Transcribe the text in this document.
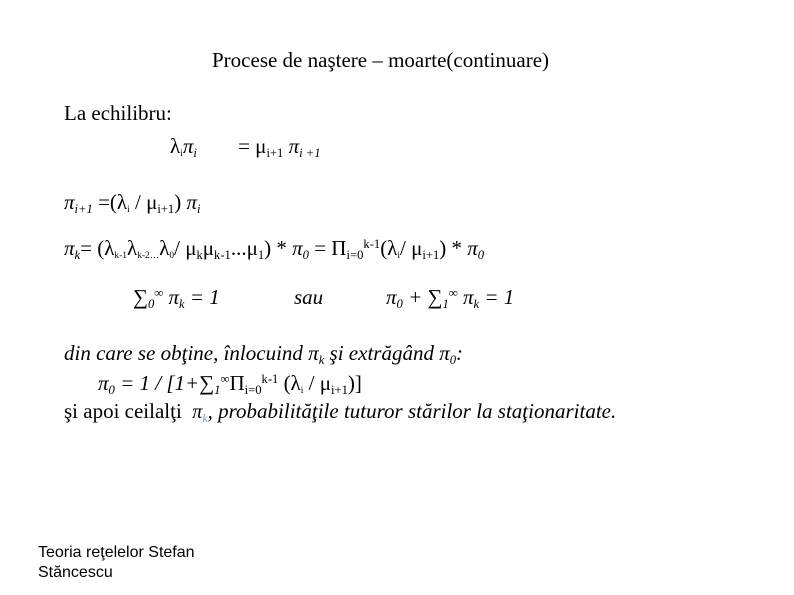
Procese de naştere – moarte(continuare)
La echilibru:
$\lambda_i\pi_i = \mu_{i+1}$ $\pi_{i +1}$
$\pi_{i+1} =(\lambda_i / \mu_{i+1})$ $\pi_i$
$\pi_k= (\lambda_{k-1}\lambda_{k-2\dots}\lambda_0/$ $\mu_k\mu_{k-1}...\mu_1) * \pi_0 = \Pi_{i=0}^{k-1}(\lambda_i/$ $\mu_{i+1}) * \pi_0$
$\sum_0^\infty$ $\pi_k = 1$	sau	$\pi_0 + \sum_1^\infty$ $\pi_k = 1$
din care se obţine, înlocuind $\pi_k$ şi extrăgând $\pi_0$:
$\pi_0 = 1 / [1+\sum_1^\infty\Pi_{i=0}^{k-1}$ $(\lambda_i / \mu_{i+1})$]
şi apoi ceilalţi $\pi_k$, probabilităţile tuturor stărilor la staţionaritate.
Teoria reţelelor Stefan
Stăncescu
